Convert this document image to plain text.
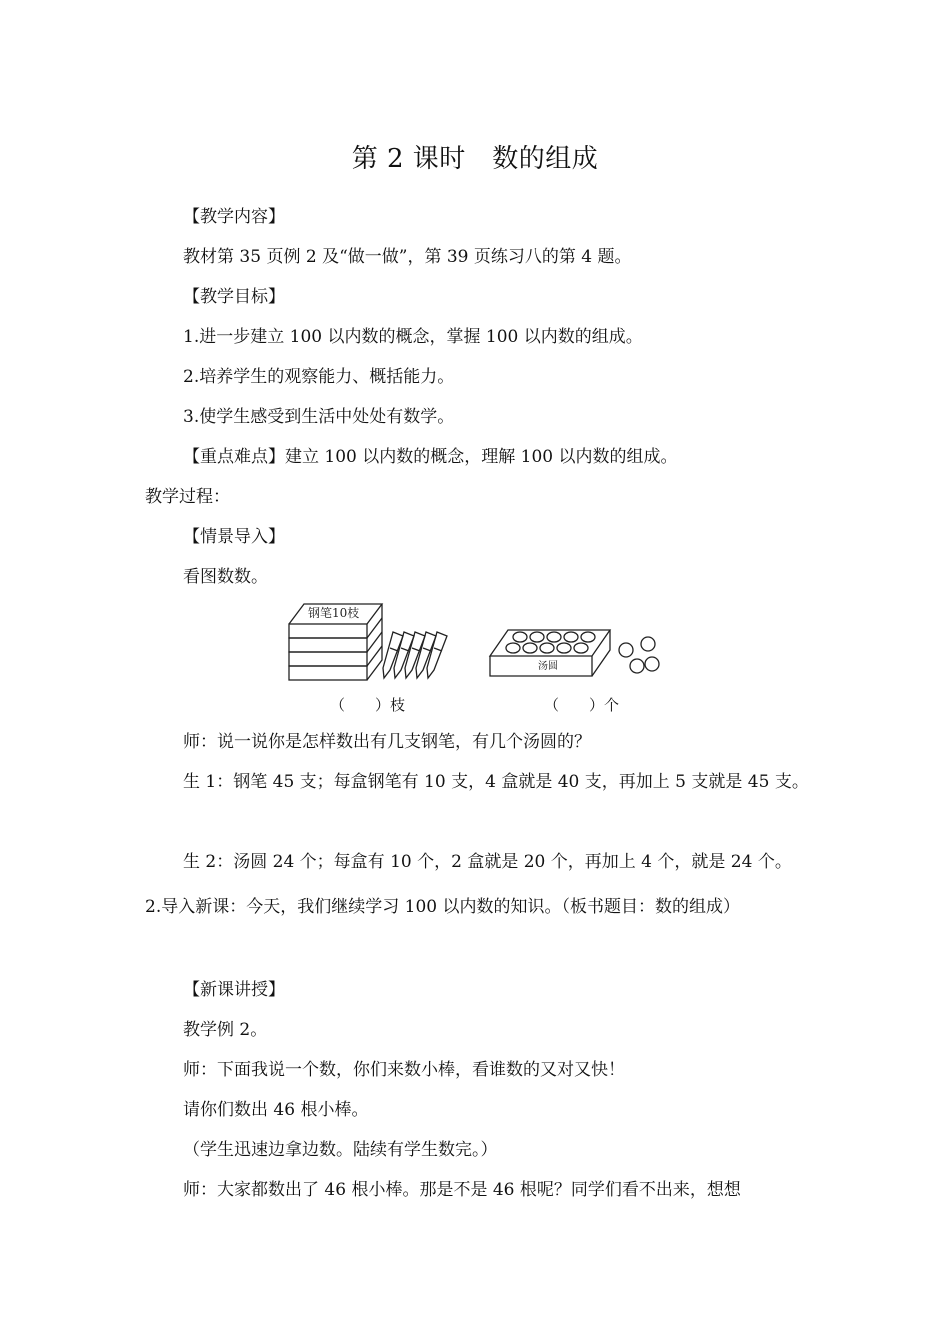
第 2 课时　数的组成
【教学内容】
教材第 35 页例 2 及“做一做”，第 39 页练习八的第 4 题。
【教学目标】
1.进一步建立 100 以内数的概念，掌握 100 以内数的组成。
2.培养学生的观察能力、概括能力。
3.使学生感受到生活中处处有数学。
【重点难点】建立 100 以内数的概念，理解 100 以内数的组成。
教学过程：
【情景导入】
看图数数。
钢笔10枝
汤圆
（　　）枝	（　　）个
师：说一说你是怎样数出有几支钢笔，有几个汤圆的？
生 1：钢笔 45 支；每盒钢笔有 10 支，4 盒就是 40 支，再加上 5 支就是 45 支。
生 2：汤圆 24 个；每盒有 10 个，2 盒就是 20 个，再加上 4 个，就是 24 个。
2.导入新课：今天，我们继续学习 100 以内数的知识。（板书题目：数的组成）
【新课讲授】
教学例 2。
师：下面我说一个数，你们来数小棒，看谁数的又对又快！
请你们数出 46 根小棒。
（学生迅速边拿边数。陆续有学生数完。）
师：大家都数出了 46 根小棒。那是不是 46 根呢？同学们看不出来，想想
